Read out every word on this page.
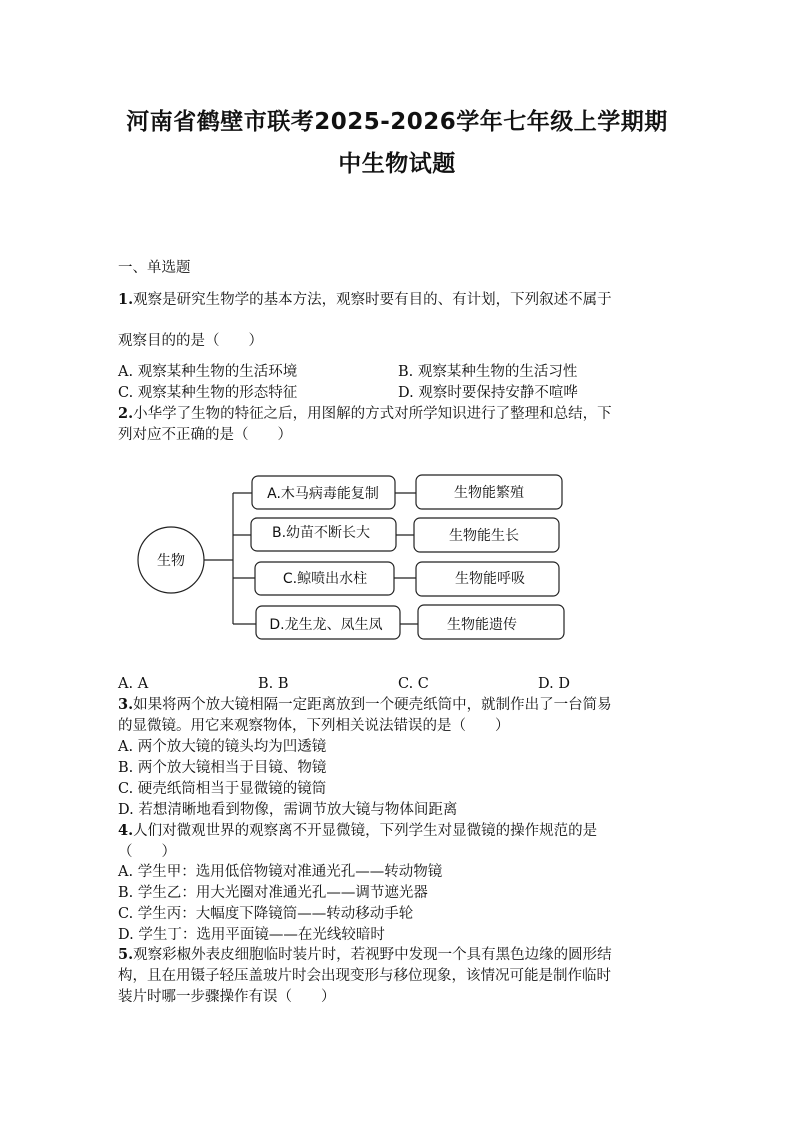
河南省鹤壁市联考2025-2026学年七年级上学期期
中生物试题
一、单选题
1.观察是研究生物学的基本方法，观察时要有目的、有计划，下列叙述不属于
观察目的的是（　　）
A. 观察某种生物的生活环境	B. 观察某种生物的生活习性
C. 观察某种生物的形态特征	D. 观察时要保持安静不喧哗
2.小华学了生物的特征之后，用图解的方式对所学知识进行了整理和总结，下
列对应不正确的是（　　）
生物
A.木马病毒能复制
B.幼苗不断长大
C.鲸喷出水柱
D.龙生龙、凤生凤
生物能繁殖
生物能生长
生物能呼吸
生物能遗传
A. A	B. B	C. C	D. D
3.如果将两个放大镜相隔一定距离放到一个硬壳纸筒中，就制作出了一台简易
的显微镜。用它来观察物体，下列相关说法错误的是（　　）
A. 两个放大镜的镜头均为凹透镜
B. 两个放大镜相当于目镜、物镜
C. 硬壳纸筒相当于显微镜的镜筒
D. 若想清晰地看到物像，需调节放大镜与物体间距离
4.人们对微观世界的观察离不开显微镜，下列学生对显微镜的操作规范的是
（　　）
A. 学生甲：选用低倍物镜对准通光孔——转动物镜
B. 学生乙：用大光圈对准通光孔——调节遮光器
C. 学生丙：大幅度下降镜筒——转动移动手轮
D. 学生丁：选用平面镜——在光线较暗时
5.观察彩椒外表皮细胞临时装片时，若视野中发现一个具有黑色边缘的圆形结
构，且在用镊子轻压盖玻片时会出现变形与移位现象，该情况可能是制作临时
装片时哪一步骤操作有误（　　）
